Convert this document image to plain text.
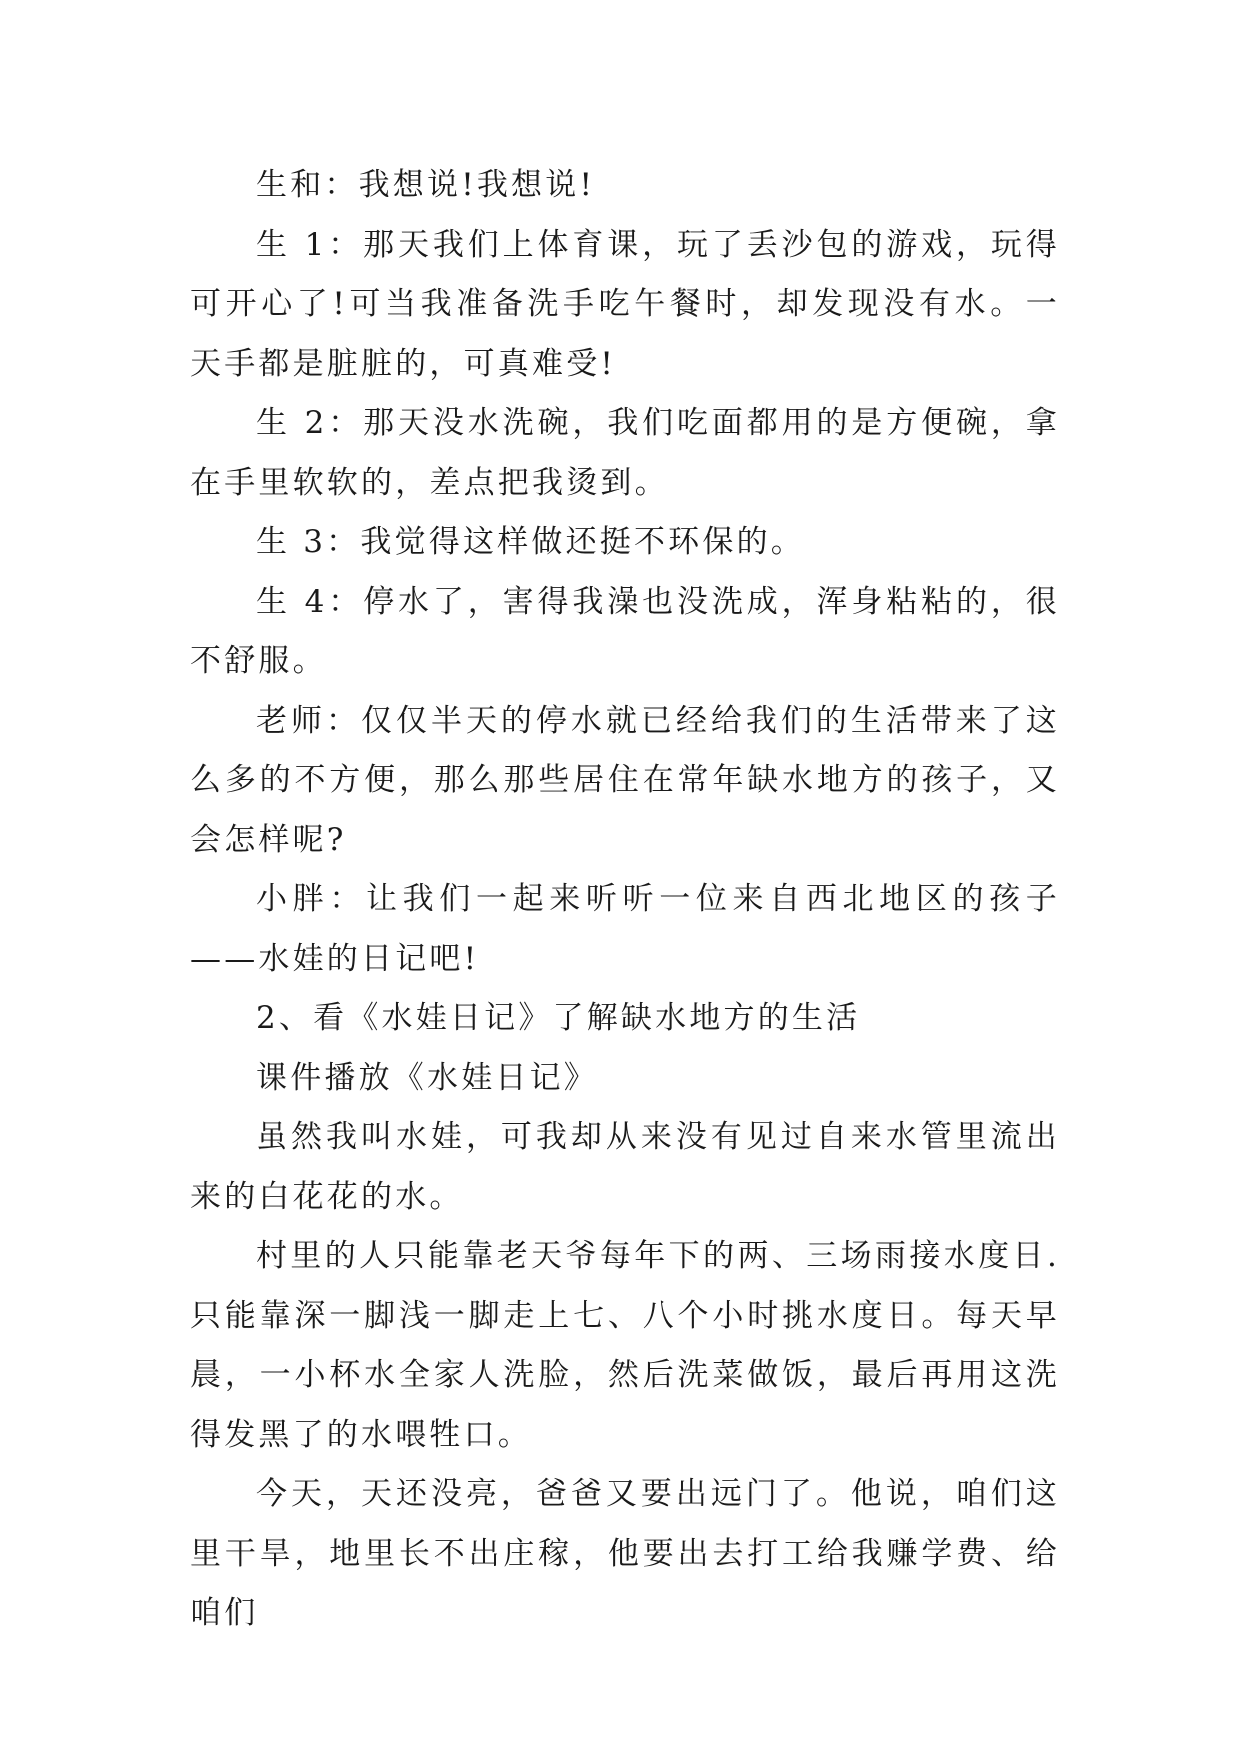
生和：我想说!我想说!

生 1：那天我们上体育课，玩了丢沙包的游戏，玩得可开心了!可当我准备洗手吃午餐时，却发现没有水。一天手都是脏脏的，可真难受!

生 2：那天没水洗碗，我们吃面都用的是方便碗，拿在手里软软的，差点把我烫到。

生 3：我觉得这样做还挺不环保的。

生 4：停水了，害得我澡也没洗成，浑身粘粘的，很不舒服。

老师：仅仅半天的停水就已经给我们的生活带来了这么多的不方便，那么那些居住在常年缺水地方的孩子，又会怎样呢?

小胖：让我们一起来听听一位来自西北地区的孩子——水娃的日记吧!

2、看《水娃日记》了解缺水地方的生活

课件播放《水娃日记》

虽然我叫水娃，可我却从来没有见过自来水管里流出来的白花花的水。

村里的人只能靠老天爷每年下的两、三场雨接水度日.只能靠深一脚浅一脚走上七、八个小时挑水度日。每天早晨，一小杯水全家人洗脸，然后洗菜做饭，最后再用这洗得发黑了的水喂牲口。

今天，天还没亮，爸爸又要出远门了。他说，咱们这里干旱，地里长不出庄稼，他要出去打工给我赚学费、给咱们
